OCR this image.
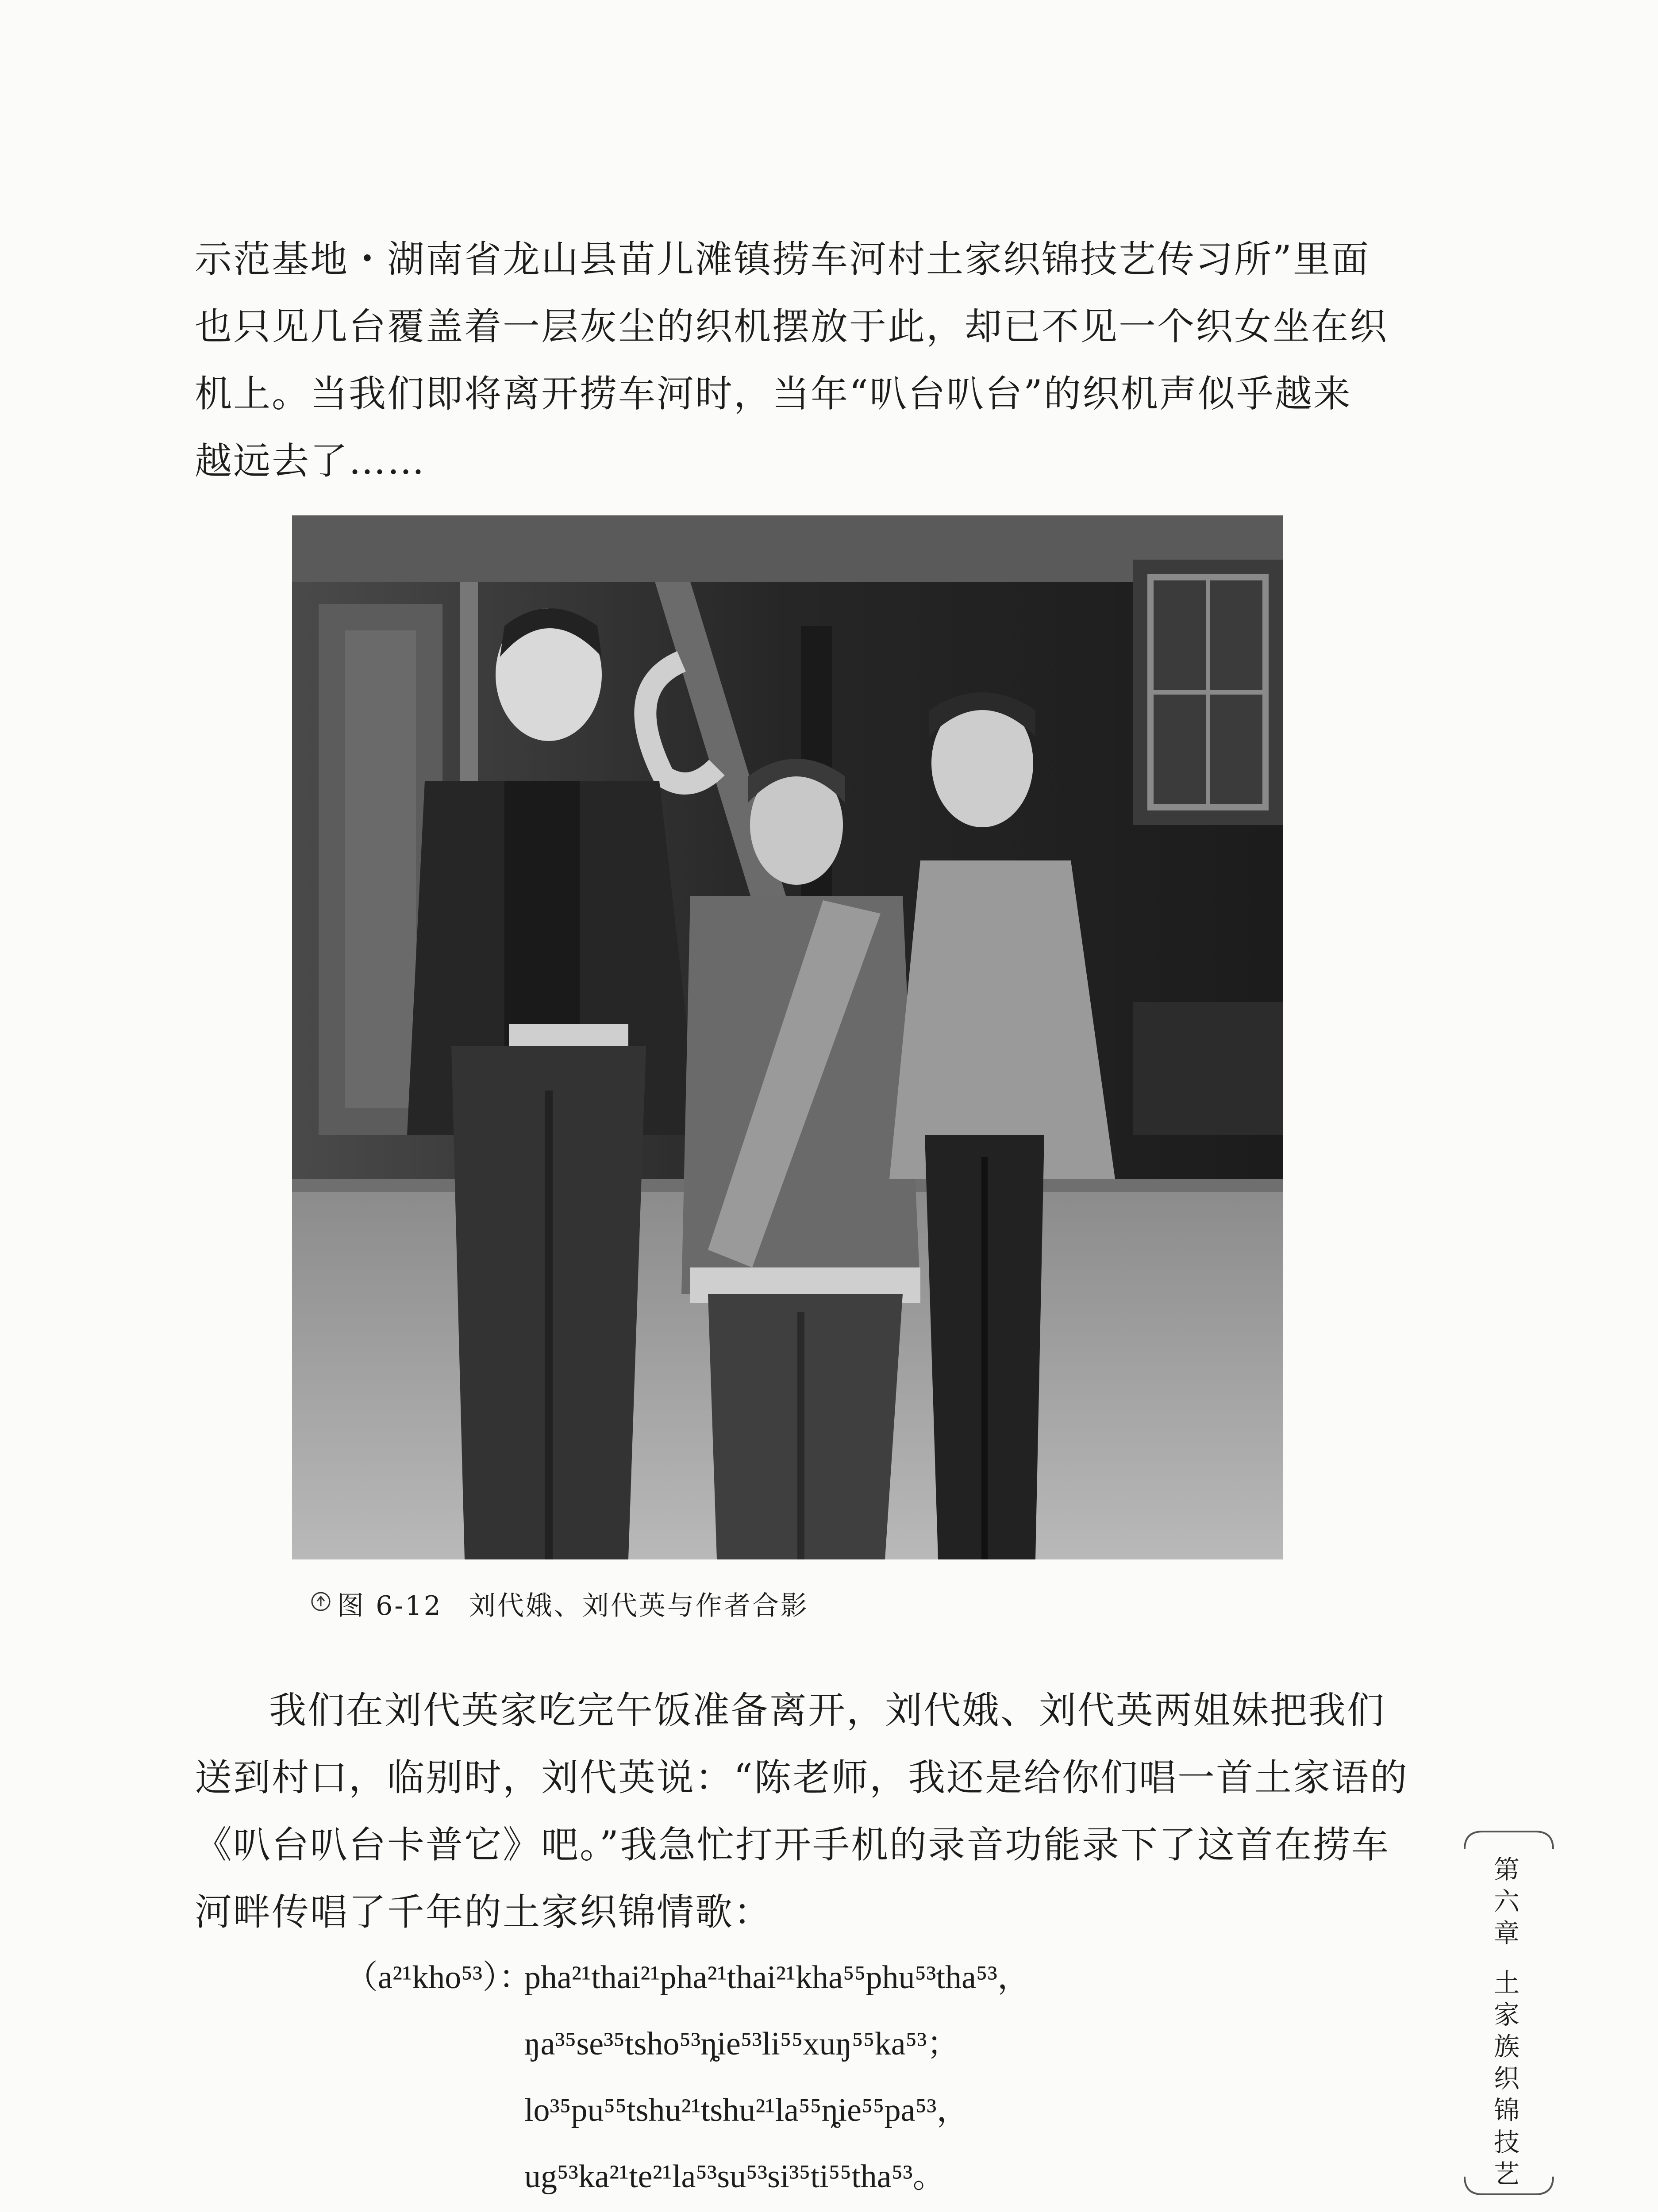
示范基地・湖南省龙山县苗儿滩镇捞车河村土家织锦技艺传习所”里面
也只见几台覆盖着一层灰尘的织机摆放于此，却已不见一个织女坐在织
机上。当我们即将离开捞车河时，当年“叭台叭台”的织机声似乎越来
越远去了……
图 6-12 刘代娥、刘代英与作者合影
我们在刘代英家吃完午饭准备离开，刘代娥、刘代英两姐妹把我们
送到村口，临别时，刘代英说：“陈老师，我还是给你们唱一首土家语的
《叭台叭台卡普它》吧。”我急忙打开手机的录音功能录下了这首在捞车
河畔传唱了千年的土家织锦情歌：
（a²¹kho⁵³）：
pha²¹thai²¹pha²¹thai²¹kha⁵⁵phu⁵³tha⁵³，
ŋa³⁵se³⁵tsho⁵³ȵie⁵³li⁵⁵xuŋ⁵⁵ka⁵³；
lo³⁵pu⁵⁵tshu²¹tshu²¹la⁵⁵ȵie⁵⁵pa⁵³，
ug⁵³ka²¹te²¹la⁵³su⁵³si³⁵ti⁵⁵tha⁵³。
第六章
土家族织锦技艺
